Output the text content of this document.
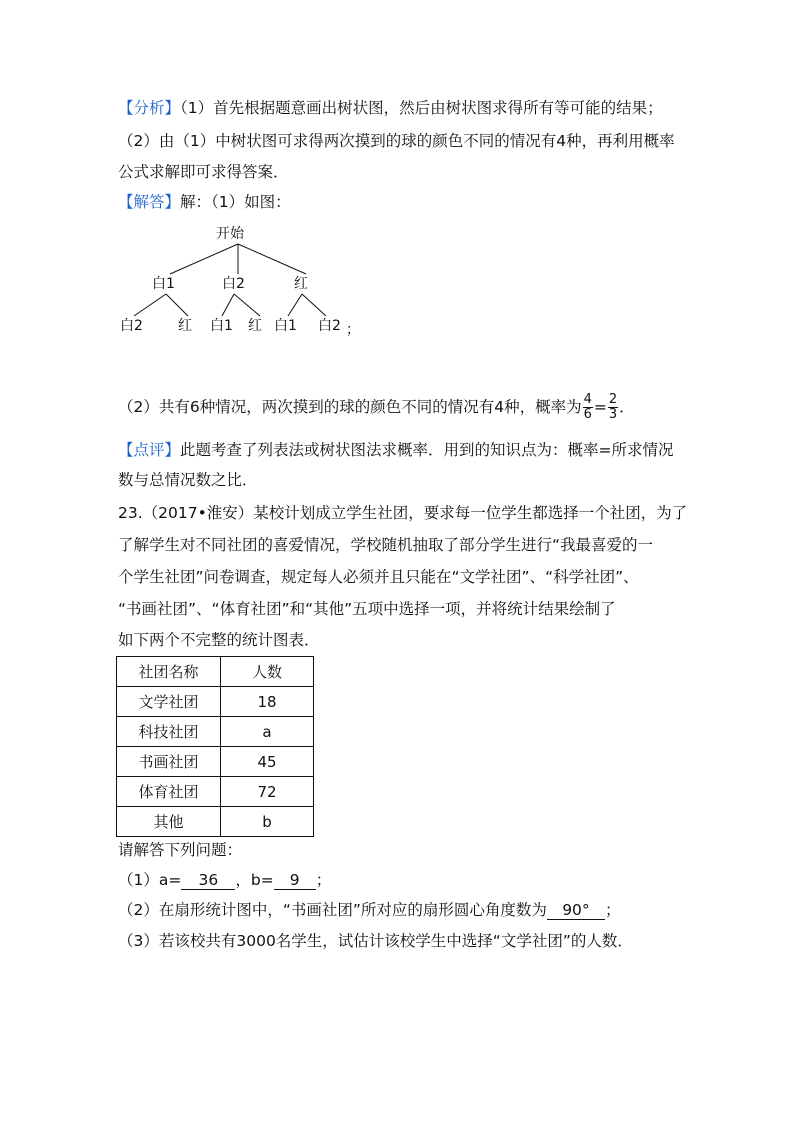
【分析】（1）首先根据题意画出树状图，然后由树状图求得所有等可能的结果；
（2）由（1）中树状图可求得两次摸到的球的颜色不同的情况有4种，再利用概率
公式求解即可求得答案．
【解答】解：（1）如图：
开始
白1	白2	红
白2	红 白1 红 白1 白2 ；
（2）共有6种情况，两次摸到的球的颜色不同的情况有4种，概率为 $\frac{4}{6} = \frac{2}{3}$ ．
【点评】此题考查了列表法或树状图法求概率．用到的知识点为：概率=所求情况
数与总情况数之比．
23.（2017•淮安）某校计划成立学生社团，要求每一位学生都选择一个社团，为了
了解学生对不同社团的喜爱情况，学校随机抽取了部分学生进行“我最喜爱的一
个学生社团”问卷调查，规定每人必须并且只能在“文学社团”、“科学社团”、
“书画社团”、“体育社团”和“其他”五项中选择一项，并将统计结果绘制了
如下两个不完整的统计图表．
社团名称	人数
文学社团	18
科技社团	a
书画社团	45
体育社团	72
其他	b
请解答下列问题：
（1）a= 36 ，b= 9 ；
（2）在扇形统计图中，“书画社团”所对应的扇形圆心角度数为 90° ；
（3）若该校共有3000名学生，试估计该校学生中选择“文学社团”的人数．
